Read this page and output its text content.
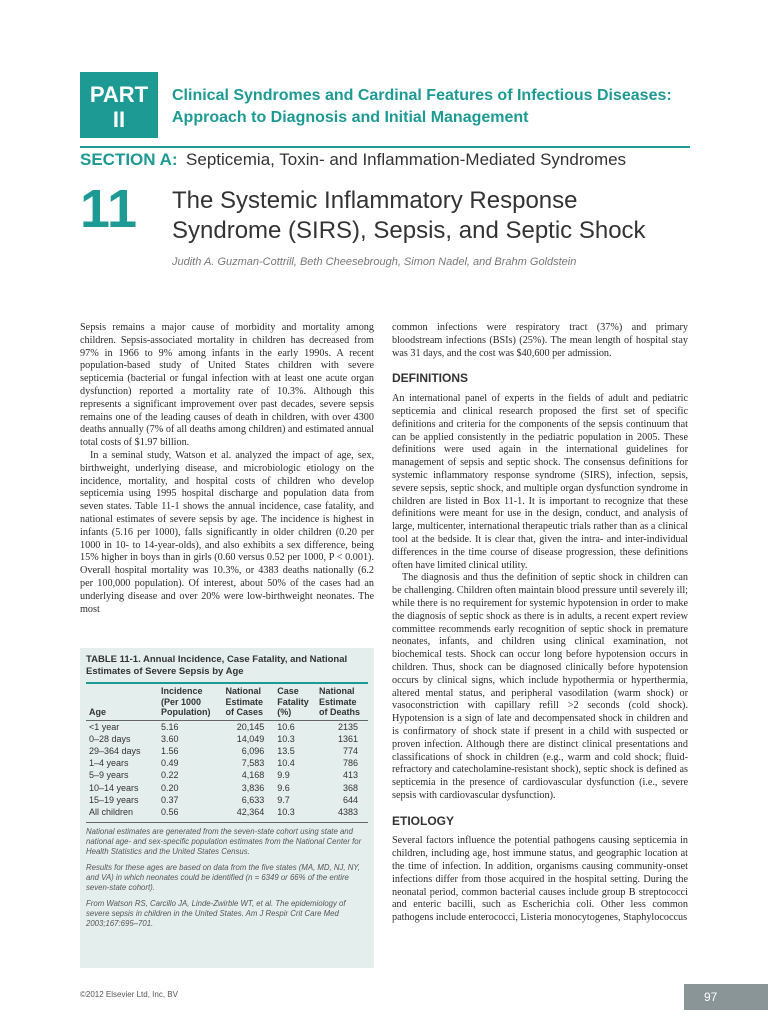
PART
II
Clinical Syndromes and Cardinal Features of Infectious Diseases: Approach to Diagnosis and Initial Management
SECTION A: Septicemia, Toxin- and Inflammation-Mediated Syndromes
11 The Systemic Inflammatory Response Syndrome (SIRS), Sepsis, and Septic Shock
Judith A. Guzman-Cottrill, Beth Cheesebrough, Simon Nadel, and Brahm Goldstein

Sepsis remains a major cause of morbidity and mortality among children. Sepsis-associated mortality in children has decreased from 97% in 1966 to 9% among infants in the early 1990s. A recent population-based study of United States children with severe septicemia (bacterial or fungal infection with at least one acute organ dysfunction) reported a mortality rate of 10.3%. Although this represents a significant improvement over past decades, severe sepsis remains one of the leading causes of death in children, with over 4300 deaths annually (7% of all deaths among children) and estimated annual total costs of $1.97 billion.

In a seminal study, Watson et al. analyzed the impact of age, sex, birthweight, underlying disease, and microbiologic etiology on the incidence, mortality, and hospital costs of children who develop septicemia using 1995 hospital discharge and population data from seven states. Table 11-1 shows the annual incidence, case fatality, and national estimates of severe sepsis by age. The incidence is highest in infants (5.16 per 1000), falls significantly in older children (0.20 per 1000 in 10- to 14-year-olds), and also exhibits a sex difference, being 15% higher in boys than in girls (0.60 versus 0.52 per 1000, P < 0.001). Overall hospital mortality was 10.3%, or 4383 deaths nationally (6.2 per 100,000 population). Of interest, about 50% of the cases had an underlying disease and over 20% were low-birthweight neonates. The most

TABLE 11-1. Annual Incidence, Case Fatality, and National Estimates of Severe Sepsis by Age
Age	Incidence (Per 1000 Population)	National Estimate of Cases	Case Fatality (%)	National Estimate of Deaths
<1 year	5.16	20,145	10.6	2135
0–28 days	3.60	14,049	10.3	1361
29–364 days	1.56	6,096	13.5	774
1–4 years	0.49	7,583	10.4	786
5–9 years	0.22	4,168	9.9	413
10–14 years	0.20	3,836	9.6	368
15–19 years	0.37	6,633	9.7	644
All children	0.56	42,364	10.3	4383

National estimates are generated from the seven-state cohort using state and national age- and sex-specific population estimates from the National Center for Health Statistics and the United States Census.

Results for these ages are based on data from the five states (MA, MD, NJ, NY, and VA) in which neonates could be identified (n = 6349 or 66% of the entire seven-state cohort).

From Watson RS, Carcillo JA, Linde-Zwirble WT, et al. The epidemiology of severe sepsis in children in the United States. Am J Respir Crit Care Med 2003;167:695–701.

common infections were respiratory tract (37%) and primary bloodstream infections (BSIs) (25%). The mean length of hospital stay was 31 days, and the cost was $40,600 per admission.

DEFINITIONS

An international panel of experts in the fields of adult and pediatric septicemia and clinical research proposed the first set of specific definitions and criteria for the components of the sepsis continuum that can be applied consistently in the pediatric population in 2005. These definitions were used again in the international guidelines for management of sepsis and septic shock. The consensus definitions for systemic inflammatory response syndrome (SIRS), infection, sepsis, severe sepsis, septic shock, and multiple organ dysfunction syndrome in children are listed in Box 11-1. It is important to recognize that these definitions were meant for use in the design, conduct, and analysis of large, multicenter, international therapeutic trials rather than as a clinical tool at the bedside. It is clear that, given the intra- and inter-individual differences in the time course of disease progression, these definitions often have limited clinical utility.

The diagnosis and thus the definition of septic shock in children can be challenging. Children often maintain blood pressure until severely ill; while there is no requirement for systemic hypotension in order to make the diagnosis of septic shock as there is in adults, a recent expert review committee recommends early recognition of septic shock in premature neonates, infants, and children using clinical examination, not biochemical tests. Shock can occur long before hypotension occurs in children. Thus, shock can be diagnosed clinically before hypotension occurs by clinical signs, which include hypothermia or hyperthermia, altered mental status, and peripheral vasodilation (warm shock) or vasoconstriction with capillary refill >2 seconds (cold shock). Hypotension is a sign of late and decompensated shock in children and is confirmatory of shock state if present in a child with suspected or proven infection. Although there are distinct clinical presentations and classifications of shock in children (e.g., warm and cold shock; fluid-refractory and catecholamine-resistant shock), septic shock is defined as septicemia in the presence of cardiovascular dysfunction (i.e., severe sepsis with cardiovascular dysfunction).

ETIOLOGY

Several factors influence the potential pathogens causing septicemia in children, including age, host immune status, and geographic location at the time of infection. In addition, organisms causing community-onset infections differ from those acquired in the hospital setting. During the neonatal period, common bacterial causes include group B streptococci and enteric bacilli, such as Escherichia coli. Other less common pathogens include enterococci, Listeria monocytogenes, Staphylococcus

©2012 Elsevier Ltd, Inc, BV	97
